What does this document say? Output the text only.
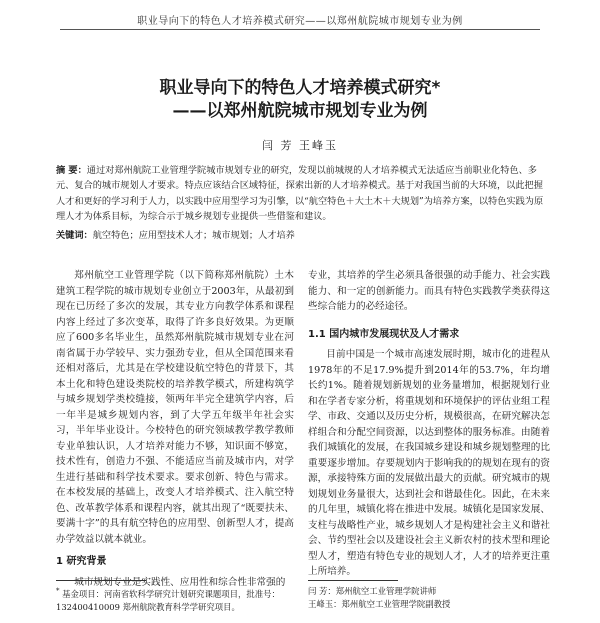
职业导向下的特色人才培养模式研究——以郑州航院城市规划专业为例
职业导向下的特色人才培养模式研究*
——以郑州航院城市规划专业为例
闫 芳 王峰玉
摘 要：通过对郑州航院工业管理学院城市规划专业的研究，发现以前城规的人才培养模式无法适应当前职业化特色、多元、复合的城市规划人才要求。特点应该结合区域特征，探索出新的人才培养模式。基于对我国当前的大环境，以此把握人才和更好的学习利于人力，以实践中应用型学习为引擎，以“航空特色＋大土木＋大规划”为培养方案，以特色实践为原理人才为体系目标，为综合示于城乡规划专业提供一些借鉴和建议。
关键词：航空特色；应用型技术人才；城市规划；人才培养

郑州航空工业管理学院（以下简称郑州航院）土木建筑工程学院的城市规划专业创立于2003年，从最初到现在已历经了多次的发展，其专业方向教学体系和课程内容上经过了多次变革，取得了许多良好效果。为更顺应了600多名毕业生，虽然郑州航院城市规划专业在河南省属于办学较早、实力强劲专业，但从全国范围来看还相对落后，尤其是在学校建设航空特色的背景下，其本土化和特色建设类院校的培养教学模式，所建构筑学与城乡规划学类校缝接，领两年半完全建筑学内容，后一年半是城乡规划内容，到了大学五年级半年社会实习，半年毕业设计。今校特色的研究领域教学教学教师专业单独认识，人才培养对能力不够，知识面不够宽，技术性有，创造力不强、不能适应当前及城市内，对学生进行基础和科学技术要求。要求创新、特色与需求。在本校发展的基础上，改变人才培养模式、注入航空特色、改革教学体系和课程内容，就其出现了“既要扶未、要满十字”的具有航空特色的应用型、创新型人才，提高办学效益以就本就业。

1 研究背景

城市规划专业是实践性、应用性和综合性非常强的

专业，其培养的学生必须具备很强的动手能力、社会实践能力、和一定的创新能力。而具有特色实践教学类获得这些综合能力的必经途径。

1.1 国内城市发展现状及人才需求

目前中国是一个城市高速发展时期，城市化的进程从1978年的不足17.9%提升到2014年的53.7%，年均增长约1%。随着规划新规划的业务量增加，根据规划行业和在学者专家分析，将重规划和环境保护的评估业组工程学、市政、交通以及历史分析，规模很高，在研究解决怎样组合和分配空间资源，以达到整体的服务标准。由随着我们城镇化的发展，在我国城乡建设和城乡规划整理的比重要逐步增加。存要规划内于影响我的的规划在现有的资源，承接特殊方面的发展做出最大的贡献。研究城市的规划规划业务量很大，达到社会和谐最佳化。因此，在未来的几年里，城镇化将在推进中发展。城镇化是国家发展、支柱与战略性产业，城乡规划人才是构建社会主义和谐社会、节约型社会以及建设社会主义新农村的技术型和理论型人才，塑造有特色专业的规划人才，人才的培养更注重上所培养。

* 基金项目：河南省软科学研究计划研究课题项目，批准号：132400410009 郑州航院教育科学学研究项目。
闫 芳：郑州航空工业管理学院讲师
王峰玉：郑州航空工业管理学院副教授
